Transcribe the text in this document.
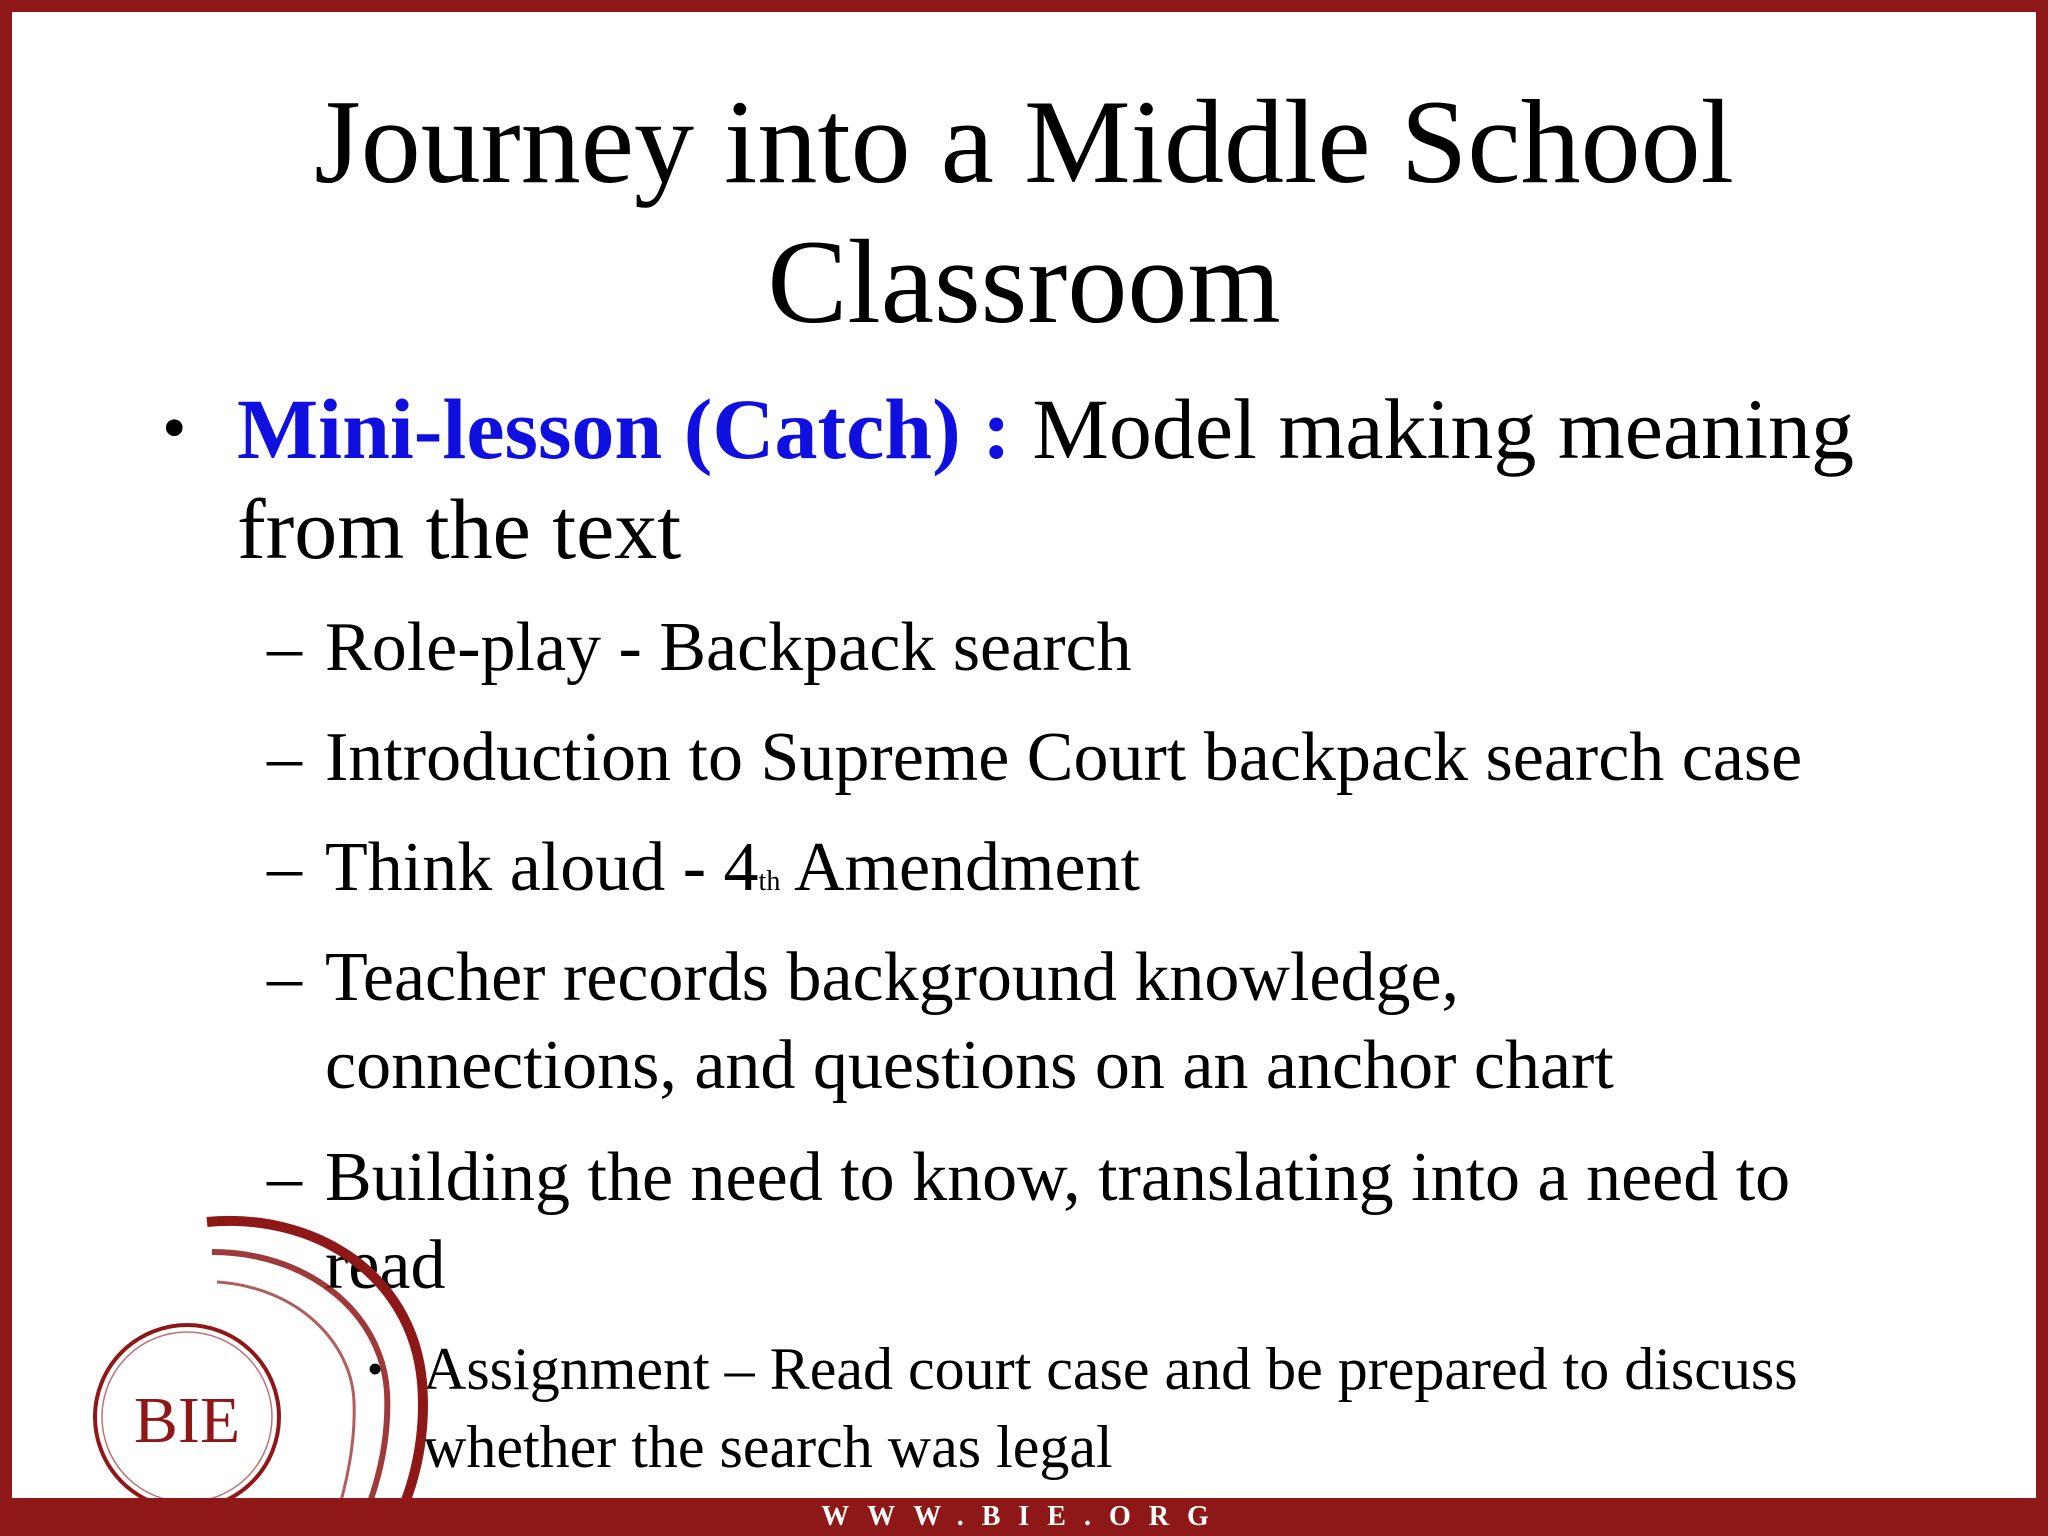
Journey into a Middle School
Classroom
• Mini-lesson (Catch) : Model making meaning
from the text
– Role-play - Backpack search
– Introduction to Supreme Court backpack search case
– Think aloud - 4th Amendment
– Teacher records background knowledge,
connections, and questions on an anchor chart
– Building the need to know, translating into a need to
read
• Assignment – Read court case and be prepared to discuss
whether the search was legal
BIE
WWW.BIE.ORG
